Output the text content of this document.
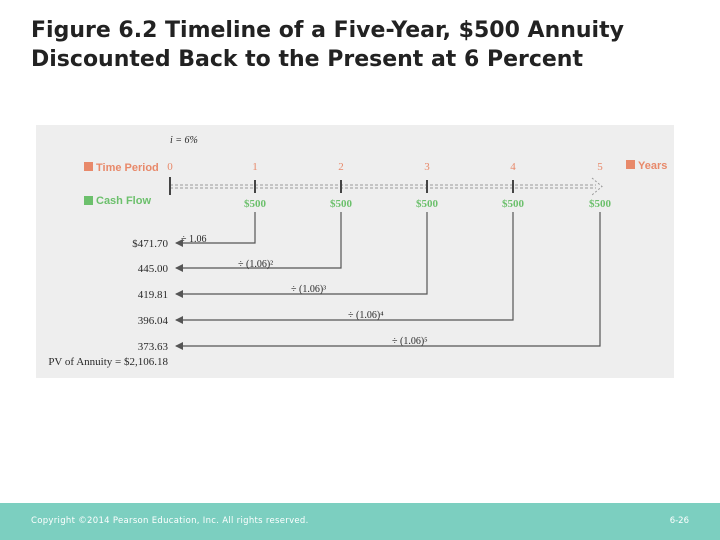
Figure 6.2 Timeline of a Five-Year, $500 Annuity
Discounted Back to the Present at 6 Percent
i = 6%
Time Period
Cash Flow
Years
0	1	2	3	4	5
$500	$500	$500	$500	$500
÷ 1.06
÷ (1.06)²
÷ (1.06)³
÷ (1.06)⁴
÷ (1.06)⁵
$471.70
445.00
419.81
396.04
373.63
PV of Annuity = $2,106.18
Copyright ©2014 Pearson Education, Inc. All rights reserved.	6-26
